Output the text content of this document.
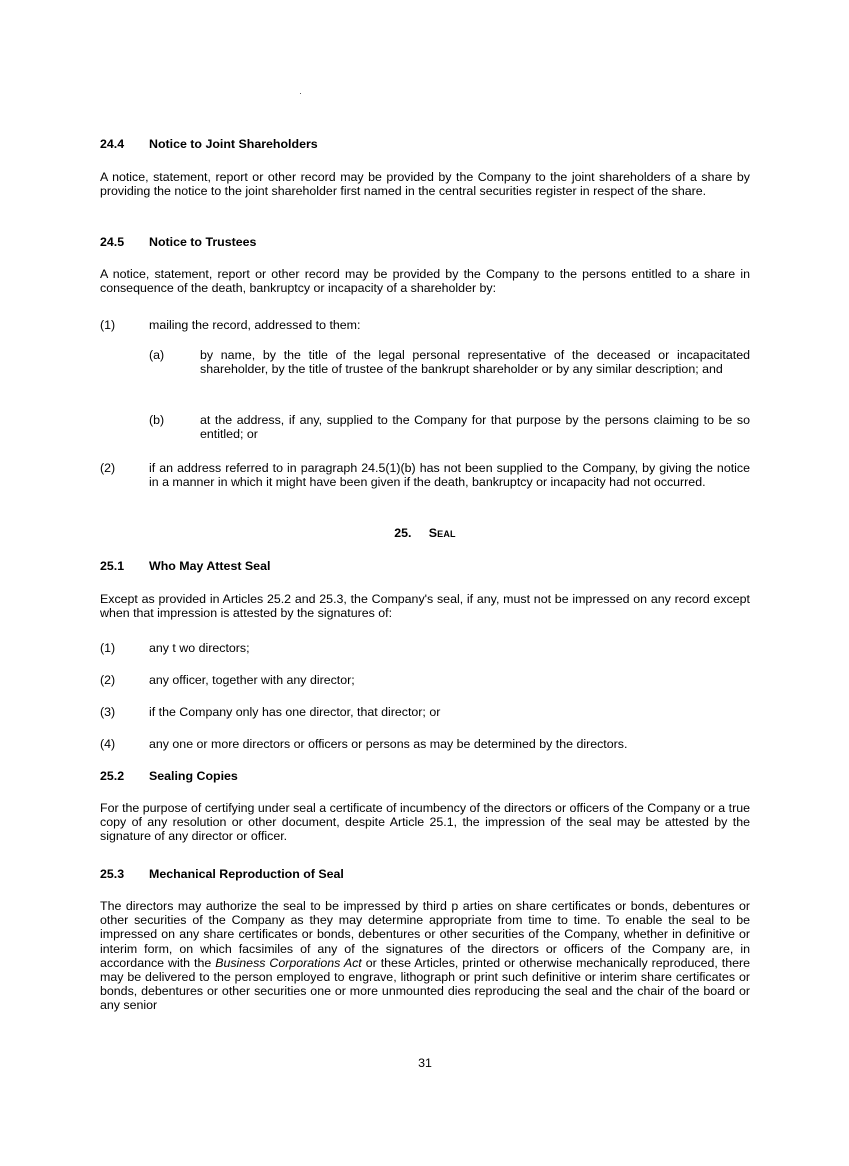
24.4 Notice to Joint Shareholders
A notice, statement, report or other record may be provided by the Company to the joint shareholders of a share by providing the notice to the joint shareholder first named in the central securities register in respect of the share.
24.5 Notice to Trustees
A notice, statement, report or other record may be provided by the Company to the persons entitled to a share in consequence of the death, bankruptcy or incapacity of a shareholder by:
(1)	mailing the record, addressed to them:
(a)	by name, by the title of the legal personal representative of the deceased or incapacitated shareholder, by the title of trustee of the bankrupt shareholder or by any similar description; and
(b)	at the address, if any, supplied to the Company for that purpose by the persons claiming to be so entitled; or
(2)	if an address referred to in paragraph 24.5(1)(b) has not been supplied to the Company, by giving the notice in a manner in which it might have been given if the death, bankruptcy or incapacity had not occurred.
25. Seal
25.1 Who May Attest Seal
Except as provided in Articles 25.2 and 25.3, the Company's seal, if any, must not be impressed on any record except when that impression is attested by the signatures of:
(1)	any t wo directors;
(2)	any officer, together with any director;
(3)	if the Company only has one director, that director; or
(4)	any one or more directors or officers or persons as may be determined by the directors.
25.2 Sealing Copies
For the purpose of certifying under seal a certificate of incumbency of the directors or officers of the Company or a true copy of any resolution or other document, despite Article 25.1, the impression of the seal may be attested by the signature of any director or officer.
25.3 Mechanical Reproduction of Seal
The directors may authorize the seal to be impressed by third p arties on share certificates or bonds, debentures or other securities of the Company as they may determine appropriate from time to time. To enable the seal to be impressed on any share certificates or bonds, debentures or other securities of the Company, whether in definitive or interim form, on which facsimiles of any of the signatures of the directors or officers of the Company are, in accordance with the Business Corporations Act or these Articles, printed or otherwise mechanically reproduced, there may be delivered to the person employed to engrave, lithograph or print such definitive or interim share certificates or bonds, debentures or other securities one or more unmounted dies reproducing the seal and the chair of the board or any senior
31
